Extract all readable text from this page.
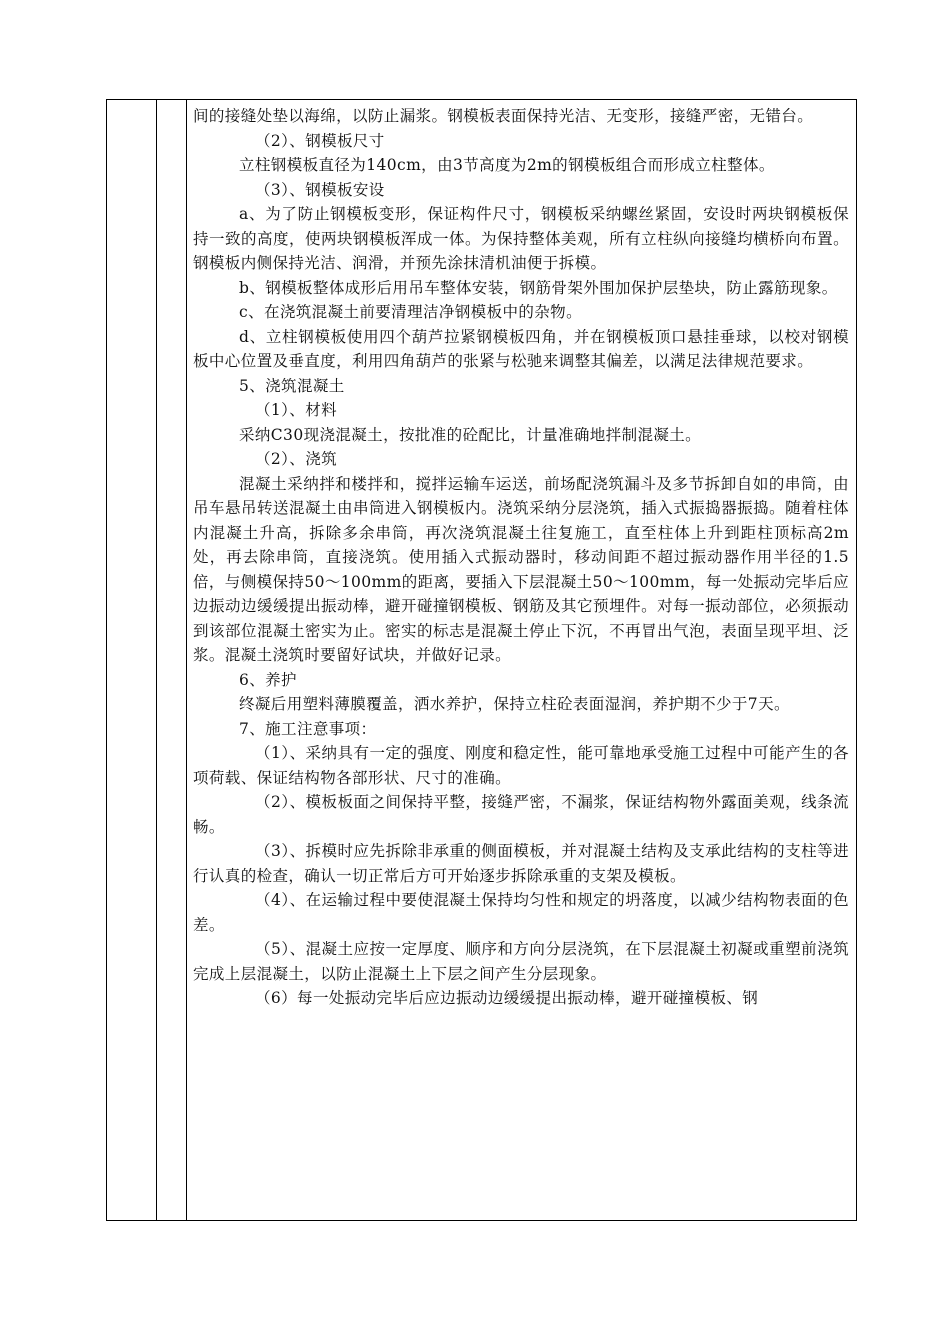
间的接缝处垫以海绵，以防止漏浆。钢模板表面保持光洁、无变形，接缝严密，无错台。

（2）、钢模板尺寸

立柱钢模板直径为140cm，由3节高度为2m的钢模板组合而形成立柱整体。

（3）、钢模板安设

a、为了防止钢模板变形，保证构件尺寸，钢模板采纳螺丝紧固，安设时两块钢模板保持一致的高度，使两块钢模板浑成一体。为保持整体美观，所有立柱纵向接缝均横桥向布置。钢模板内侧保持光洁、润滑，并预先涂抹清机油便于拆模。

b、钢模板整体成形后用吊车整体安装，钢筋骨架外围加保护层垫块，防止露筋现象。

c、在浇筑混凝土前要清理洁净钢模板中的杂物。

d、立柱钢模板使用四个葫芦拉紧钢模板四角，并在钢模板顶口悬挂垂球，以校对钢模板中心位置及垂直度，利用四角葫芦的张紧与松驰来调整其偏差，以满足法律规范要求。

5、浇筑混凝土

（1）、材料

采纳C30现浇混凝土，按批准的砼配比，计量准确地拌制混凝土。

（2）、浇筑

混凝土采纳拌和楼拌和，搅拌运输车运送，前场配浇筑漏斗及多节拆卸自如的串筒，由吊车悬吊转送混凝土由串筒进入钢模板内。浇筑采纳分层浇筑，插入式振捣器振捣。随着柱体内混凝土升高，拆除多余串筒，再次浇筑混凝土往复施工，直至柱体上升到距柱顶标高2m处，再去除串筒，直接浇筑。使用插入式振动器时，移动间距不超过振动器作用半径的1.5倍，与侧模保持50～100mm的距离，要插入下层混凝土50～100mm，每一处振动完毕后应边振动边缓缓提出振动棒，避开碰撞钢模板、钢筋及其它预埋件。对每一振动部位，必须振动到该部位混凝土密实为止。密实的标志是混凝土停止下沉，不再冒出气泡，表面呈现平坦、泛浆。混凝土浇筑时要留好试块，并做好记录。

6、养护

终凝后用塑料薄膜覆盖，洒水养护，保持立柱砼表面湿润，养护期不少于7天。

7、施工注意事项：

（1）、采纳具有一定的强度、刚度和稳定性，能可靠地承受施工过程中可能产生的各项荷载、保证结构物各部形状、尺寸的准确。

（2）、模板板面之间保持平整，接缝严密，不漏浆，保证结构物外露面美观，线条流畅。

（3）、拆模时应先拆除非承重的侧面模板，并对混凝土结构及支承此结构的支柱等进行认真的检查，确认一切正常后方可开始逐步拆除承重的支架及模板。

（4）、在运输过程中要使混凝土保持均匀性和规定的坍落度，以减少结构物表面的色差。

（5）、混凝土应按一定厚度、顺序和方向分层浇筑，在下层混凝土初凝或重塑前浇筑完成上层混凝土，以防止混凝土上下层之间产生分层现象。

（6）每一处振动完毕后应边振动边缓缓提出振动棒，避开碰撞模板、钢
